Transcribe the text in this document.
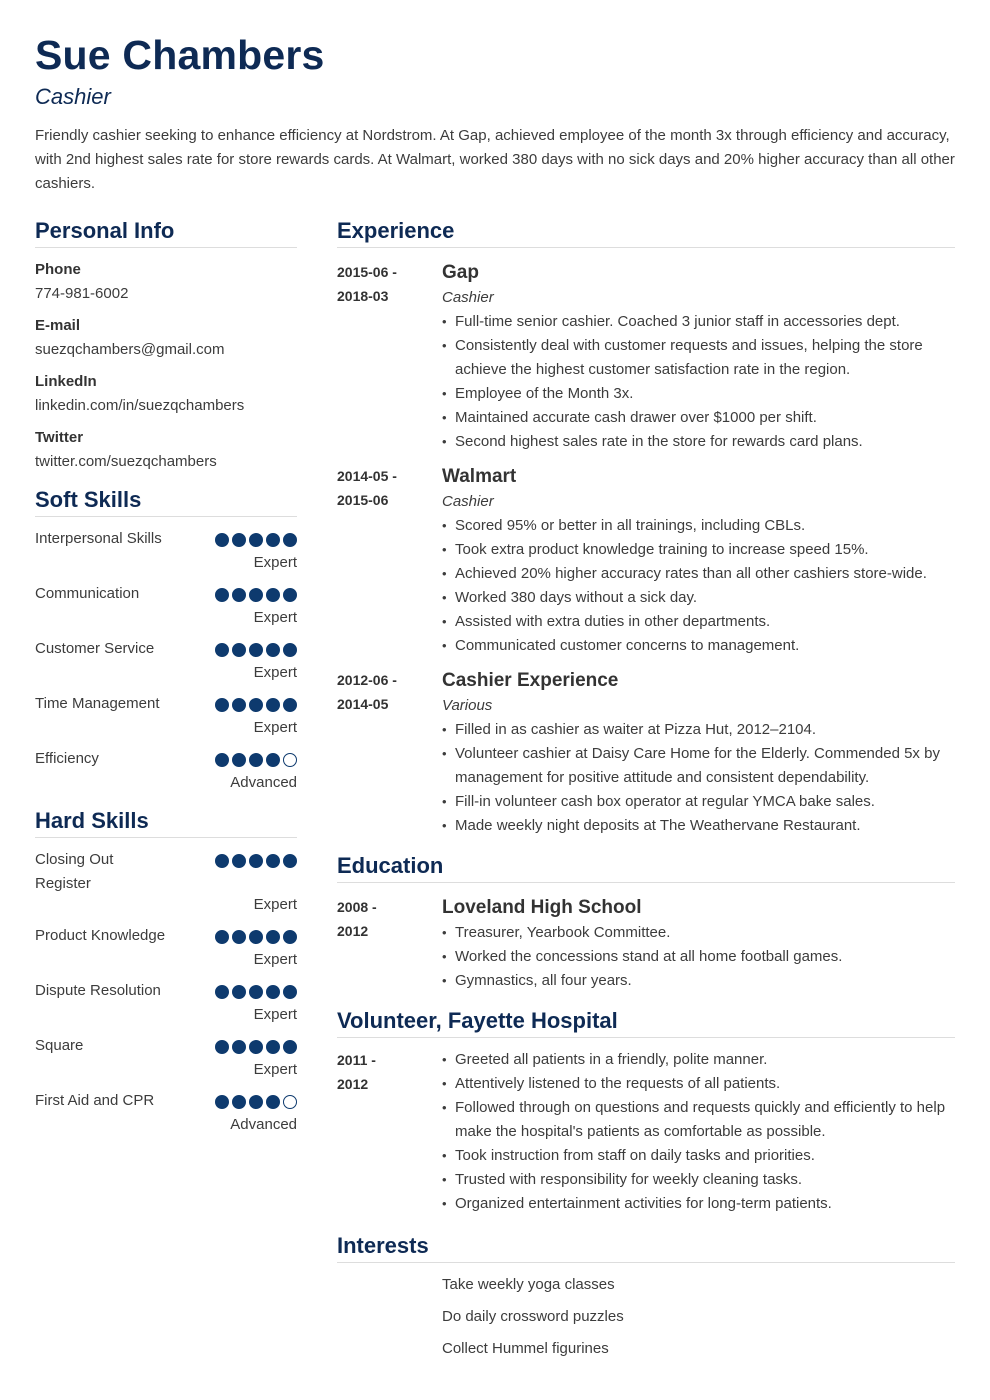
Sue Chambers
Cashier

Friendly cashier seeking to enhance efficiency at Nordstrom. At Gap, achieved employee of the month 3x through efficiency and accuracy, with 2nd highest sales rate for store rewards cards. At Walmart, worked 380 days with no sick days and 20% higher accuracy than all other cashiers.

Personal Info
Phone
774-981-6002
E-mail
suezqchambers@gmail.com
LinkedIn
linkedin.com/in/suezqchambers
Twitter
twitter.com/suezqchambers
Soft Skills
Interpersonal Skills
Expert
Communication
Expert
Customer Service
Expert
Time Management
Expert
Efficiency
Advanced
Hard Skills
Closing Out Register
Expert
Product Knowledge
Expert
Dispute Resolution
Expert
Square
Expert
First Aid and CPR
Advanced
Experience
2015-06 -
2018-03
Gap
Cashier
• Full-time senior cashier. Coached 3 junior staff in accessories dept.
• Consistently deal with customer requests and issues, helping the store achieve the highest customer satisfaction rate in the region.
• Employee of the Month 3x.
• Maintained accurate cash drawer over $1000 per shift.
• Second highest sales rate in the store for rewards card plans.
2014-05 -
2015-06
Walmart
Cashier
• Scored 95% or better in all trainings, including CBLs.
• Took extra product knowledge training to increase speed 15%.
• Achieved 20% higher accuracy rates than all other cashiers store-wide.
• Worked 380 days without a sick day.
• Assisted with extra duties in other departments.
• Communicated customer concerns to management.
2012-06 -
2014-05
Cashier Experience
Various
• Filled in as cashier as waiter at Pizza Hut, 2012–2104.
• Volunteer cashier at Daisy Care Home for the Elderly. Commended 5x by management for positive attitude and consistent dependability.
• Fill-in volunteer cash box operator at regular YMCA bake sales.
• Made weekly night deposits at The Weathervane Restaurant.
Education
2008 -
2012
Loveland High School
• Treasurer, Yearbook Committee.
• Worked the concessions stand at all home football games.
• Gymnastics, all four years.
Volunteer, Fayette Hospital
2011 -
2012
• Greeted all patients in a friendly, polite manner.
• Attentively listened to the requests of all patients.
• Followed through on questions and requests quickly and efficiently to help make the hospital's patients as comfortable as possible.
• Took instruction from staff on daily tasks and priorities.
• Trusted with responsibility for weekly cleaning tasks.
• Organized entertainment activities for long-term patients.
Interests
Take weekly yoga classes
Do daily crossword puzzles
Collect Hummel figurines
